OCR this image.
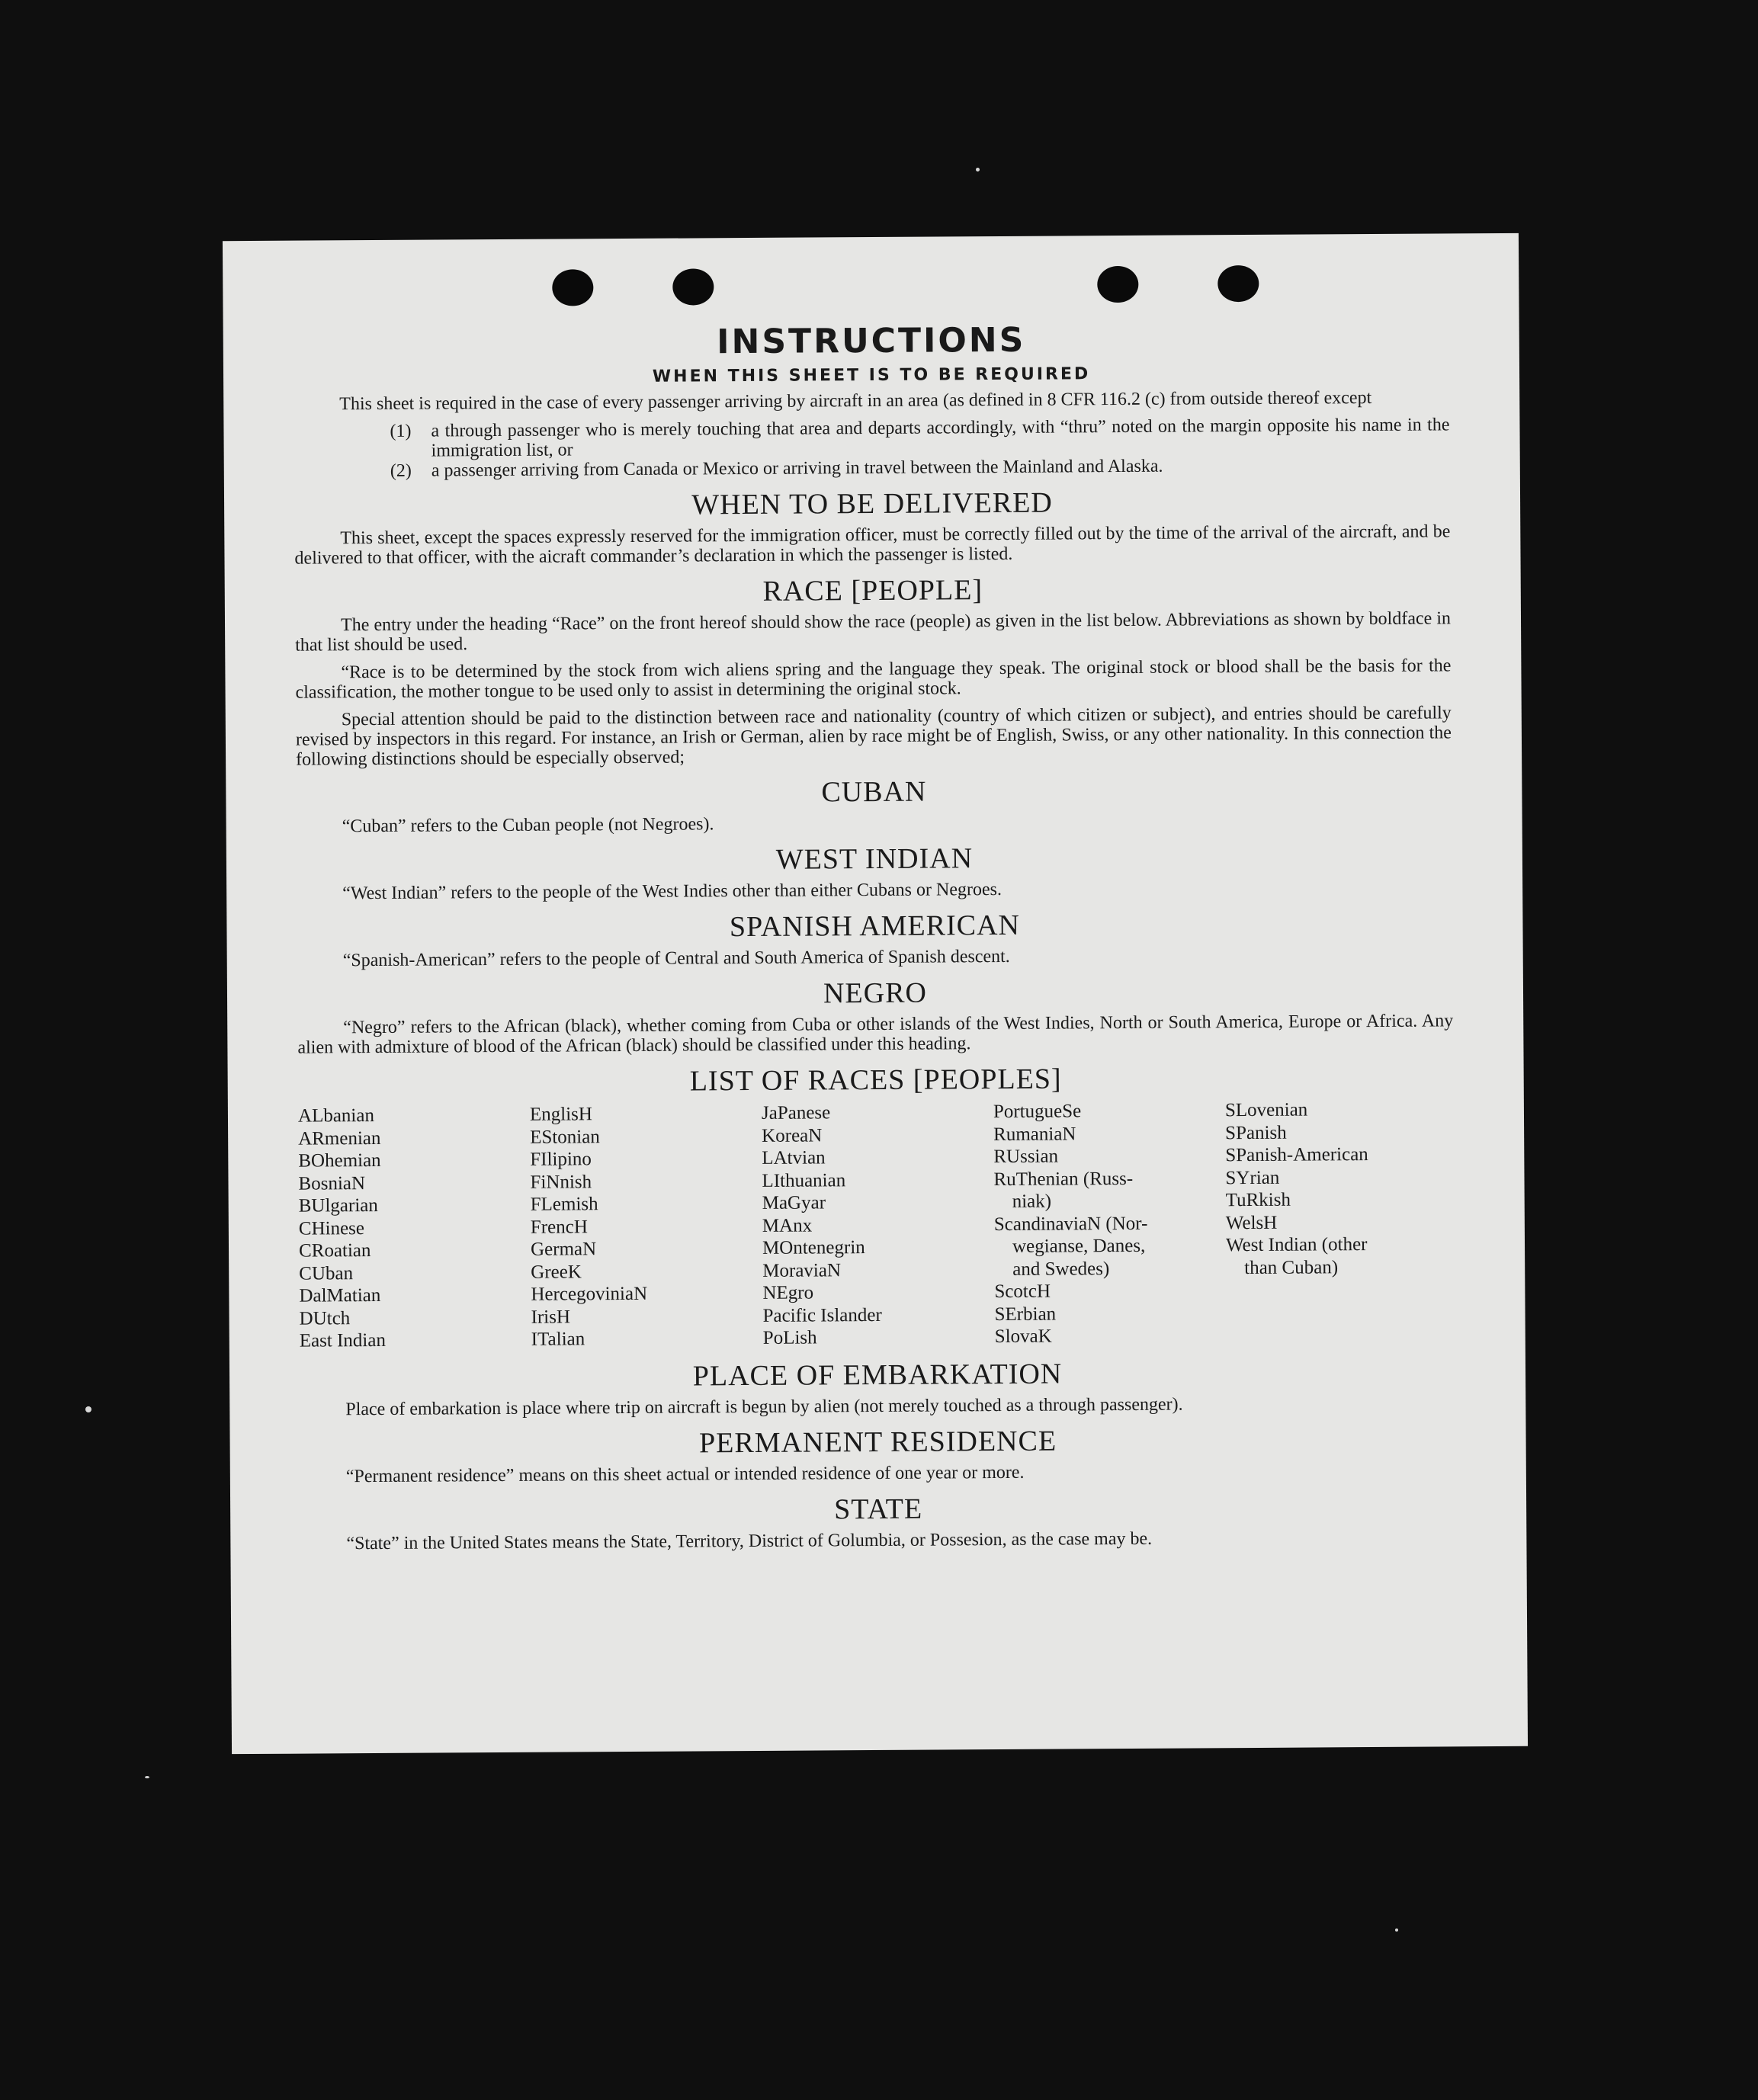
INSTRUCTIONS
WHEN THIS SHEET IS TO BE REQUIRED

This sheet is required in the case of every passenger arriving by aircraft in an area (as defined in 8 CFR 116.2 (c) from outside thereof except

(1)	a through passenger who is merely touching that area and departs accordingly, with “thru” noted on the margin opposite his name in the immigration list, or
(2)	a passenger arriving from Canada or Mexico or arriving in travel between the Mainland and Alaska.
WHEN TO BE DELIVERED

This sheet, except the spaces expressly reserved for the immigration officer, must be correctly filled out by the time of the arrival of the aircraft, and be delivered to that officer, with the aicraft commander’s declaration in which the passenger is listed.

RACE [PEOPLE]

The entry under the heading “Race” on the front hereof should show the race (people) as given in the list below. Abbreviations as shown by boldface in that list should be used.

“Race is to be determined by the stock from wich aliens spring and the language they speak. The original stock or blood shall be the basis for the classification, the mother tongue to be used only to assist in determining the original stock.

Special attention should be paid to the distinction between race and nationality (country of which citizen or subject), and entries should be carefully revised by inspectors in this regard. For instance, an Irish or German, alien by race might be of English, Swiss, or any other nationality. In this connection the following distinctions should be especially observed;

CUBAN

“Cuban” refers to the Cuban people (not Negroes).

WEST INDIAN

“West Indian” refers to the people of the West Indies other than either Cubans or Negroes.

SPANISH AMERICAN

“Spanish-American” refers to the people of Central and South America of Spanish descent.

NEGRO

“Negro” refers to the African (black), whether coming from Cuba or other islands of the West Indies, North or South America, Europe or Africa. Any alien with admixture of blood of the African (black) should be classified under this heading.

LIST OF RACES [PEOPLES]
ALbanian
ARmenian
BOhemian
BosniaN
BUlgarian
CHinese
CRoatian
CUban
DalMatian
DUtch
East Indian
EnglisH
EStonian
FIlipino
FiNnish
FLemish
FrencH
GermaN
GreeK
HercegoviniaN
IrisH
ITalian
JaPanese
KoreaN
LAtvian
LIthuanian
MaGyar
MAnx
MOntenegrin
MoraviaN
NEgro
Pacific Islander
PoLish
PortugueSe
RumaniaN
RUssian
RuThenian (Russ-
niak)
ScandinaviaN (Nor-
wegianse, Danes,
and Swedes)
ScotcH
SErbian
SlovaK
SLovenian
SPanish
SPanish-American
SYrian
TuRkish
WelsH
West Indian (other
than Cuban)
PLACE OF EMBARKATION

Place of embarkation is place where trip on aircraft is begun by alien (not merely touched as a through passenger).

PERMANENT RESIDENCE

“Permanent residence” means on this sheet actual or intended residence of one year or more.

STATE

“State” in the United States means the State, Territory, District of Golumbia, or Possesion, as the case may be.
